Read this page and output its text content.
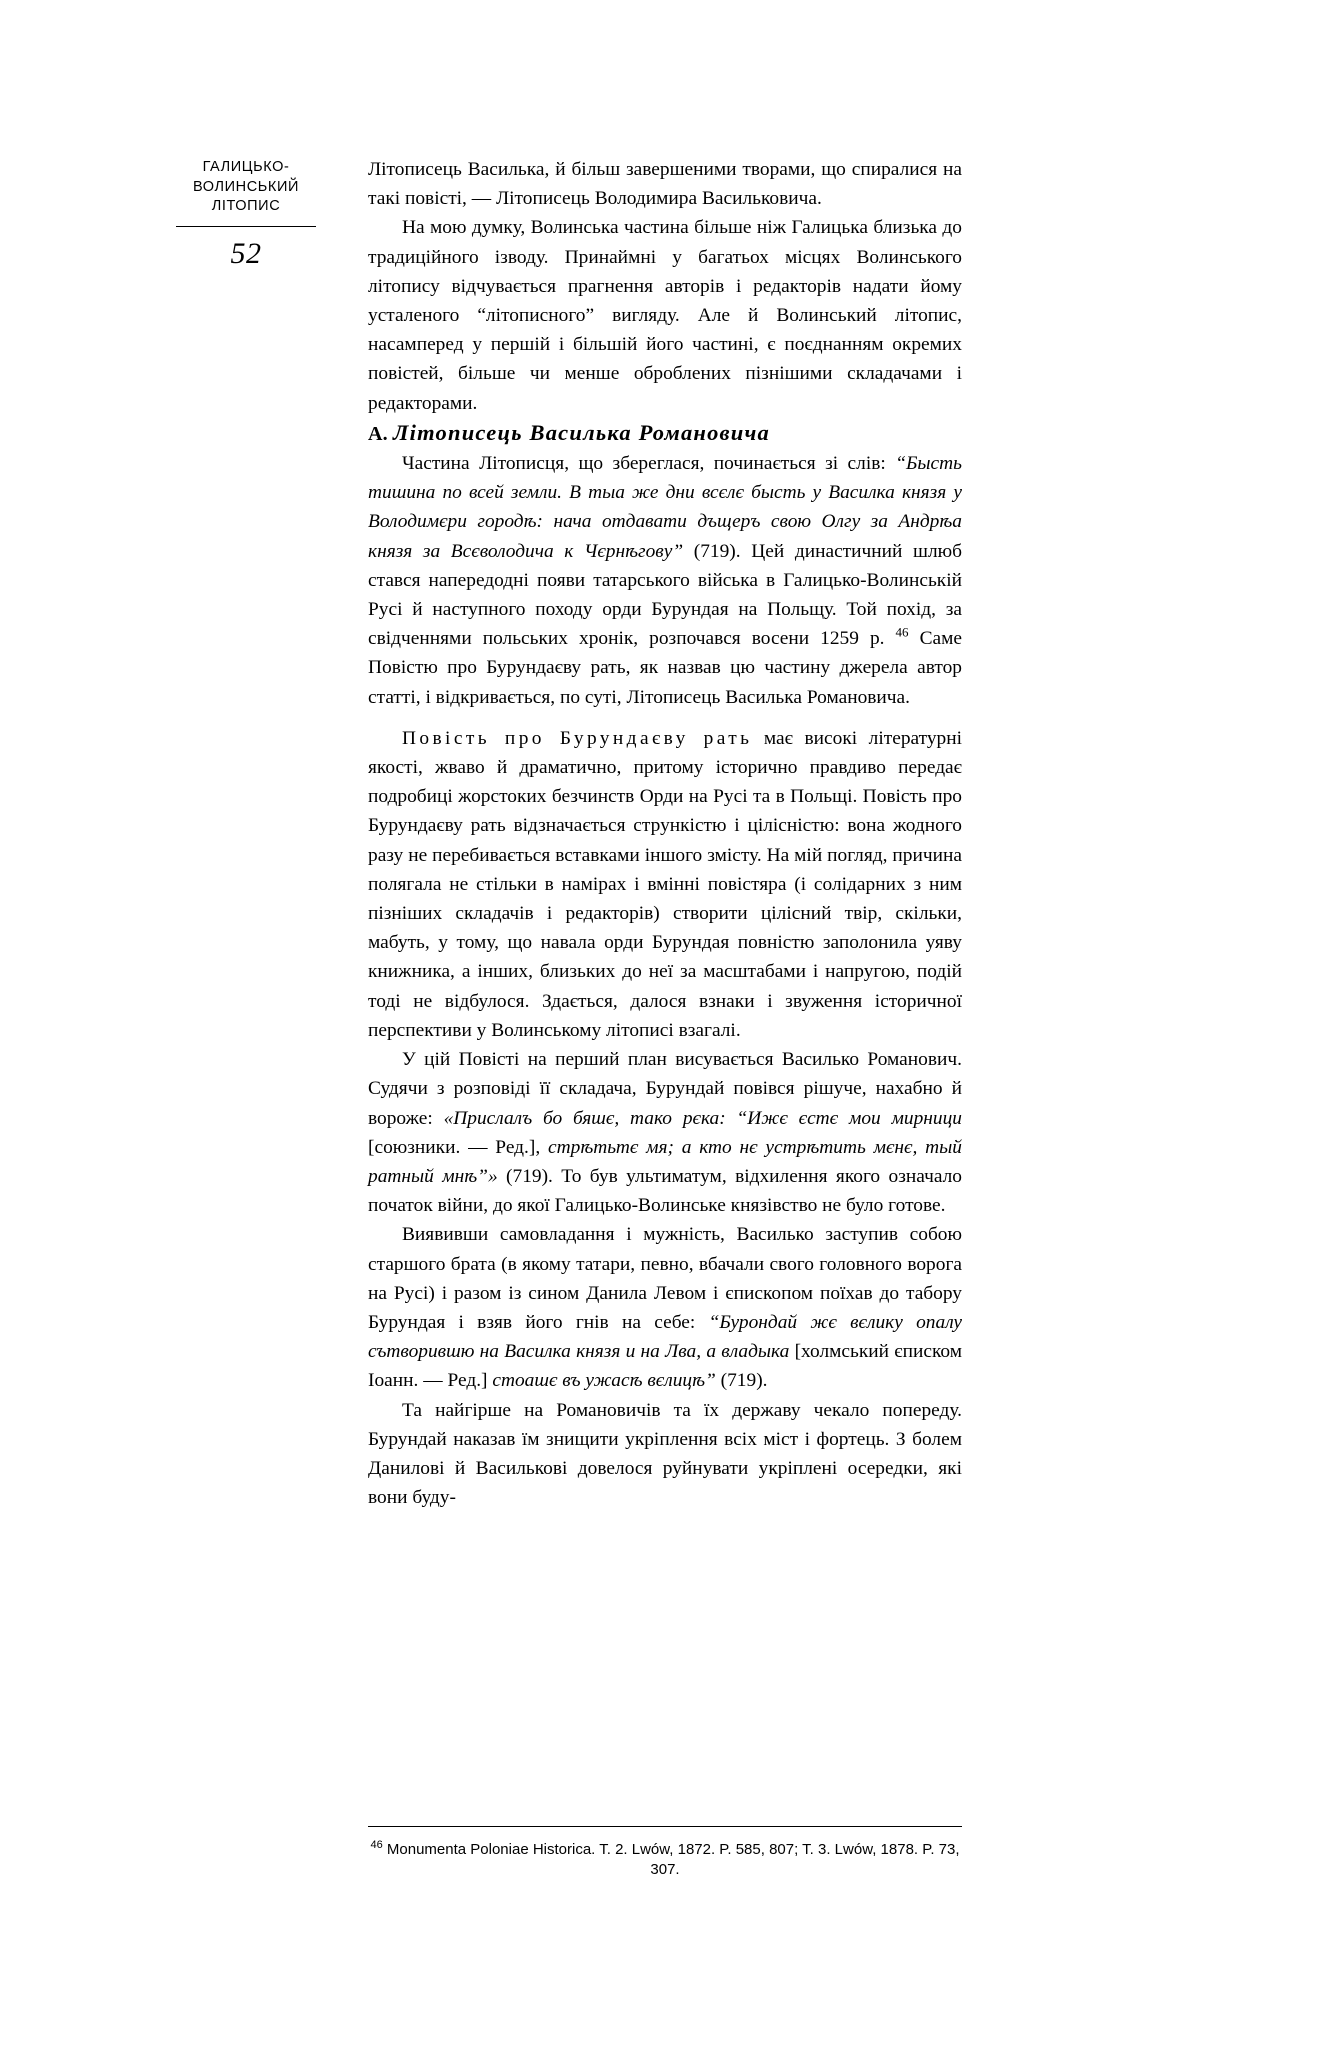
ГАЛИЦЬКО-
ВОЛИНСЬКИЙ
ЛІТОПИС
52

Літописець Василька, й більш завершеними творами, що спиралися на такі повісті, — Літописець Володимира Васильковича.

На мою думку, Волинська частина більше ніж Галицька близька до традиційного ізводу. Принаймні у багатьох місцях Волинського літопису відчувається прагнення авторів і редакторів надати йому усталеного “літописного” вигляду. Але й Волинський літопис, насамперед у першій і більшій його частині, є поєднанням окремих повістей, більше чи менше оброблених пізнішими складачами і редакторами.

А. Літописець Василька Романовича

Частина Літописця, що збереглася, починається зі слів: “Бысть тишина по всей земли. В тыа же дни всєлє бысть у Василка князя у Володимєри городѣ: нача отдавати дъщеръ свою Олгу за Андрѣа князя за Всєволодича к Чєрнѣгову” (719). Цей династичний шлюб стався напередодні появи татарського війська в Галицько-Волинській Русі й наступного походу орди Бурундая на Польщу. Той похід, за свідченнями польських хронік, розпочався восени 1259 р. $^{46}$ Саме Повістю про Бурундаєву рать, як назвав цю частину джерела автор статті, і відкривається, по суті, Літописець Василька Романовича.

Повість про Бурундаєву рать має високі літературні якості, жваво й драматично, притому історично правдиво передає подробиці жорстоких безчинств Орди на Русі та в Польщі. Повість про Бурундаєву рать відзначається стрункістю і цілісністю: вона жодного разу не перебивається вставками іншого змісту. На мій погляд, причина полягала не стільки в намірах і вмінні повістяра (і солідарних з ним пізніших складачів і редакторів) створити цілісний твір, скільки, мабуть, у тому, що навала орди Бурундая повністю заполонила уяву книжника, а інших, близьких до неї за масштабами і напругою, подій тоді не відбулося. Здається, далося взнаки і звуження історичної перспективи у Волинському літописі взагалі.

У цій Повісті на перший план висувається Василько Романович. Судячи з розповіді її складача, Бурундай повівся рішуче, нахабно й вороже: «Прислалъ бо бяшє, тако рєка: “Ижє єстє мои мирници [союзники. — Ред.], стрѣтьтє мя; а кто нє устрѣтить мєнє, тый ратный мнѣ”» (719). То був ультиматум, відхилення якого означало початок війни, до якої Галицько-Волинське князівство не було готове.

Виявивши самовладання і мужність, Василько заступив собою старшого брата (в якому татари, певно, вбачали свого головного ворога на Русі) і разом із сином Данила Левом і єпископом поїхав до табору Бурундая і взяв його гнів на себе: “Бурондай жє вєлику опалу сътворившю на Василка князя и на Лва, а владыка [холмський єписком Іоанн. — Ред.] стоашє въ ужасѣ вєлицѣ” (719).

Та найгірше на Романовичів та їх державу чекало попереду. Бурундай наказав їм знищити укріплення всіх міст і фортець. З болем Данилові й Василькові довелося руйнувати укріплені осередки, які вони буду-

$^{46}$ Monumenta Poloniae Historica. T. 2. Lwów, 1872. P. 585, 807; T. 3. Lwów, 1878. P. 73, 307.
